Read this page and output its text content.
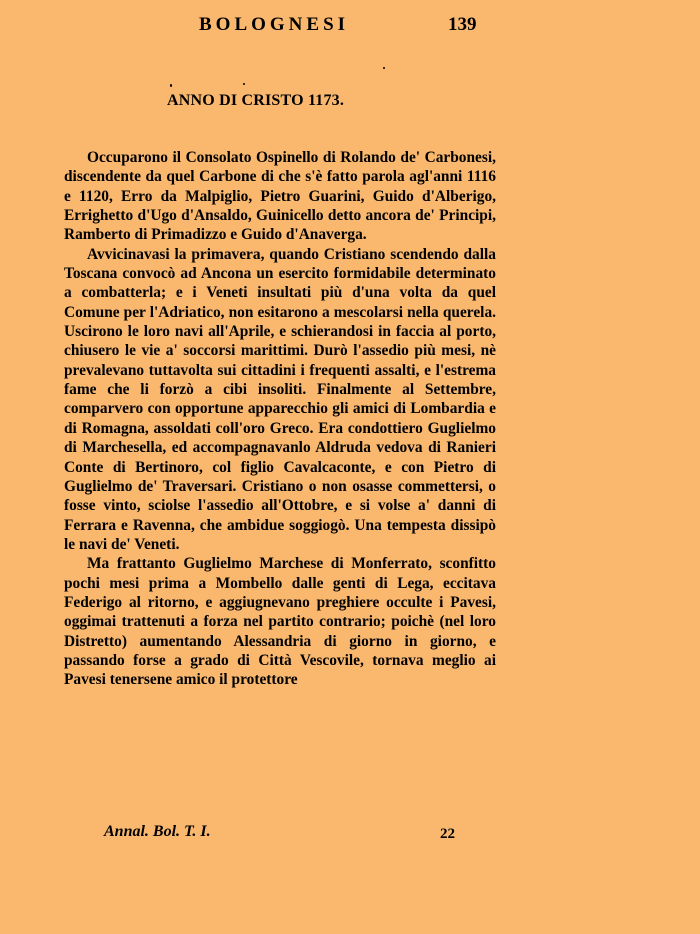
BOLOGNESI	139
ANNO DI CRISTO 1173.

Occuparono il Consolato Ospinello di Rolando de' Carbonesi, discendente da quel Carbone di che s'è fatto parola agl'anni 1116 e 1120, Erro da Malpiglio, Pietro Guarini, Guido d'Alberigo, Errighetto d'Ugo d'Ansaldo, Guinicello detto ancora de' Principi, Ramberto di Primadizzo e Guido d'Anaverga.

Avvicinavasi la primavera, quando Cristiano scendendo dalla Toscana convocò ad Ancona un esercito formidabile determinato a combatterla; e i Veneti insultati più d'una volta da quel Comune per l'Adriatico, non esitarono a mescolarsi nella querela. Uscirono le loro navi all'Aprile, e schierandosi in faccia al porto, chiusero le vie a' soccorsi marittimi. Durò l'assedio più mesi, nè prevalevano tuttavolta sui cittadini i frequenti assalti, e l'estrema fame che li forzò a cibi insoliti. Finalmente al Settembre, comparvero con opportune apparecchio gli amici di Lombardia e di Romagna, assoldati coll'oro Greco. Era condottiero Guglielmo di Marchesella, ed accompagnavanlo Aldruda vedova di Ranieri Conte di Bertinoro, col figlio Cavalcaconte, e con Pietro di Guglielmo de' Traversari. Cristiano o non osasse commettersi, o fosse vinto, sciolse l'assedio all'Ottobre, e si volse a' danni di Ferrara e Ravenna, che ambidue soggiogò. Una tempesta dissipò le navi de' Veneti.

Ma frattanto Guglielmo Marchese di Monferrato, sconfitto pochi mesi prima a Mombello dalle genti di Lega, eccitava Federigo al ritorno, e aggiugnevano preghiere occulte i Pavesi, oggimai trattenuti a forza nel partito contrario; poichè (nel loro Distretto) aumentando Alessandria di giorno in giorno, e passando forse a grado di Città Vescovile, tornava meglio ai Pavesi tenersene amico il protettore

Annal. Bol. T. I.	22
